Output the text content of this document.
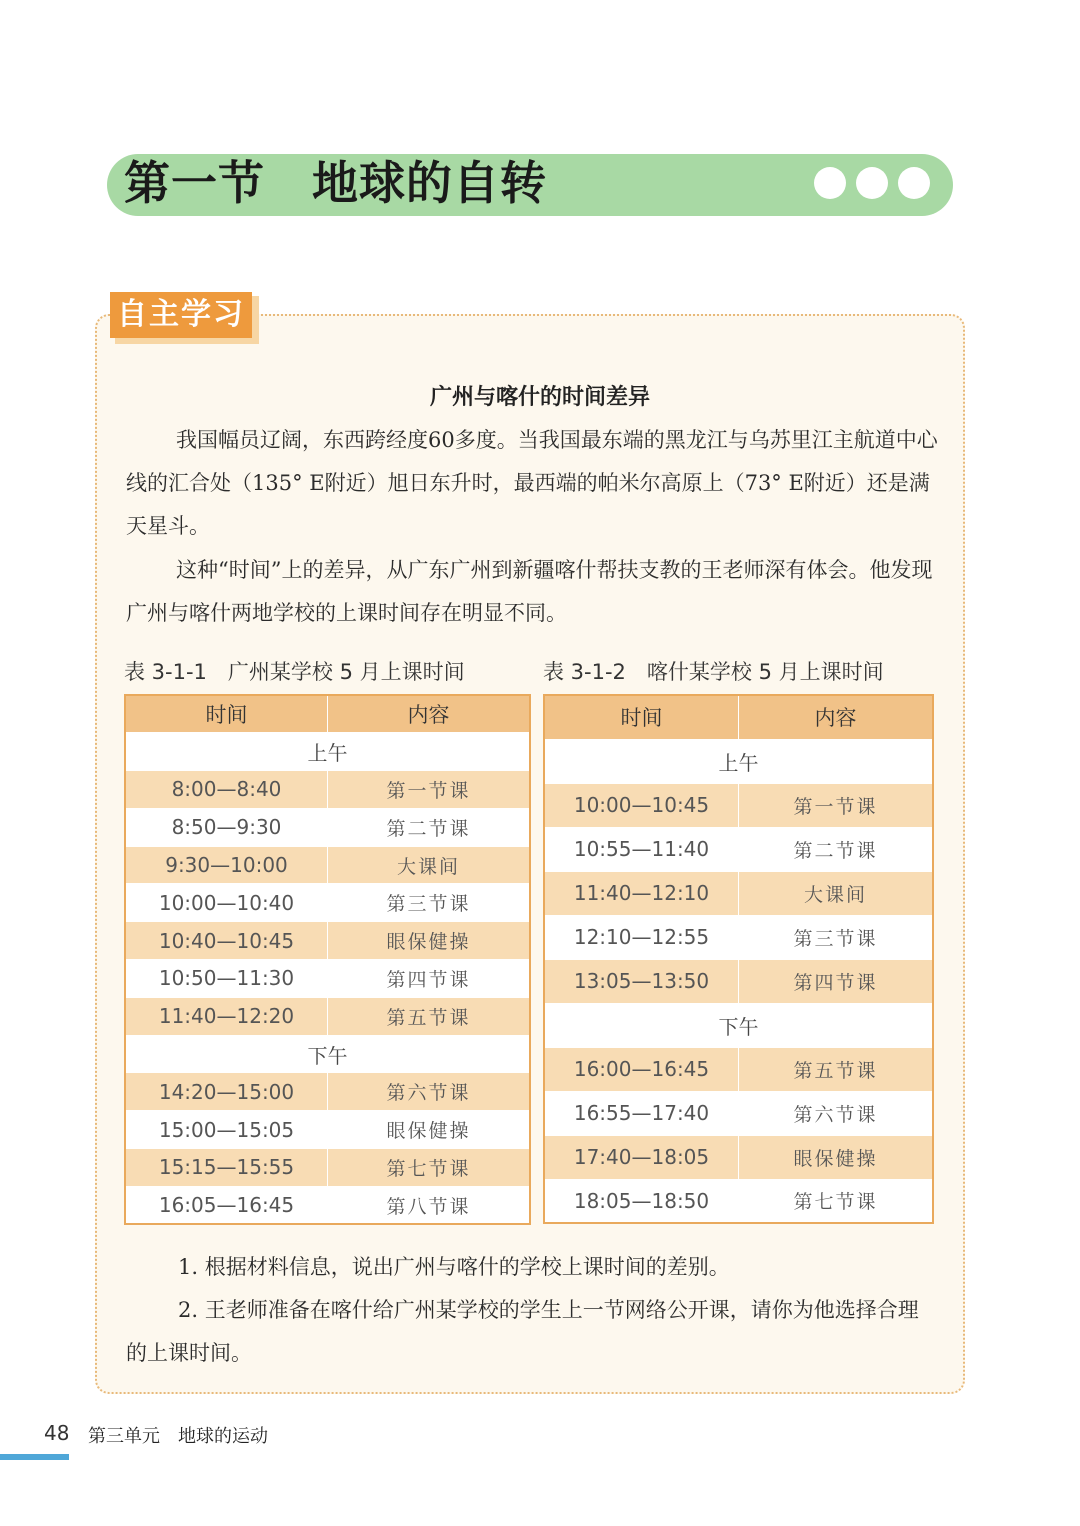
第一节　地球的自转
自主学习
广州与喀什的时间差异

我国幅员辽阔，东西跨经度60多度。当我国最东端的黑龙江与乌苏里江主航道中心线的汇合处（135° E附近）旭日东升时，最西端的帕米尔高原上（73° E附近）还是满天星斗。

这种“时间”上的差异，从广东广州到新疆喀什帮扶支教的王老师深有体会。他发现广州与喀什两地学校的上课时间存在明显不同。

表 3-1-1　广州某学校 5 月上课时间	表 3-1-2　喀什某学校 5 月上课时间
时间	内容
上午	
8:00—8:40	第一节课
8:50—9:30	第二节课
9:30—10:00	大课间
10:00—10:40	第三节课
10:40—10:45	眼保健操
10:50—11:30	第四节课
11:40—12:20	第五节课
下午	
14:20—15:00	第六节课
15:00—15:05	眼保健操
15:15—15:55	第七节课
16:05—16:45	第八节课
时间	内容
上午	
10:00—10:45	第一节课
10:55—11:40	第二节课
11:40—12:10	大课间
12:10—12:55	第三节课
13:05—13:50	第四节课
下午	
16:00—16:45	第五节课
16:55—17:40	第六节课
17:40—18:05	眼保健操
18:05—18:50	第七节课

1. 根据材料信息，说出广州与喀什的学校上课时间的差别。

2. 王老师准备在喀什给广州某学校的学生上一节网络公开课，请你为他选择合理的上课时间。

48 第三单元　地球的运动
